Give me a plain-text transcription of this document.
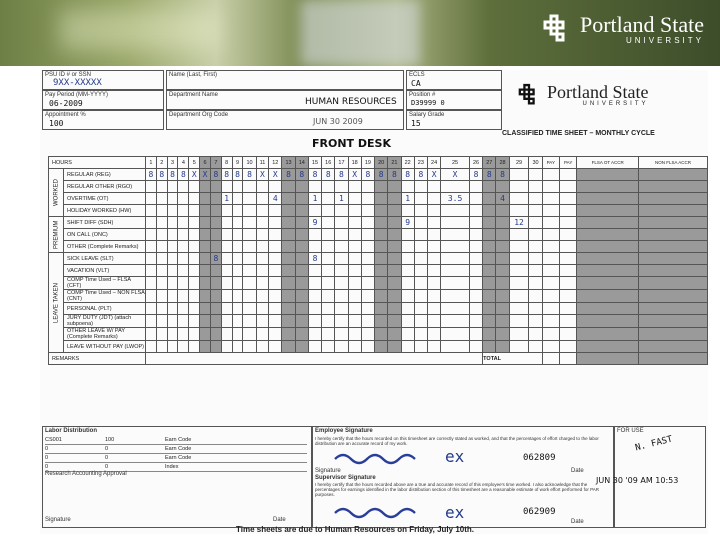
Portland State
UNIVERSITY
PSU ID # or SSN
9XX-XXXXX
Name (Last, First)
Pay Period (MM-YYYY)
06-2009
Department Name
HUMAN RESOURCES
Appointment %
100
Department Org Code
JUN 30 2009
FRONT DESK
ECLS
CA
Position #
D39999 0
Salary Grade
15
Portland State
UNIVERSITY
CLASSIFIED TIME SHEET – MONTHLY CYCLE
HOURS		1	2	3	4	5	6	7	8	9	10	11	12	13	14	15	16	17	18	19	20	21	22	23	24	25	26	27	28	29	30	PAY	PAY	FLSA OT ACCR	NON FLSA ACCR
WORKED	REGULAR (REG)	8	8	8	8	X	X	8	8	8	8	X	X	8	8	8	8	8	X	8	8	8	8	8	X	X	8	8	8						
	REGULAR OTHER (RGO)																																		
	OVERTIME (OT)								1				4			1		1					1			3.5			4						
	HOLIDAY WORKED (HW)																																		
PREMIUM	SHIFT DIFF (SDH)															9							9							12					
	ON CALL (ONC)																																		
	OTHER (Complete Remarks)																																		
LEAVE TAKEN	SICK LEAVE (SLT)							8								8																			
	VACATION (VLT)																																		
	COMP Time Used – FLSA (CFT)																																		
	COMP Time Used – NON FLSA (CNT)																																		
	PERSONAL (PLT)																																		
	JURY DUTY (JDT) (attach subpoena)																																		
	OTHER LEAVE W/ PAY (Complete Remarks)																																		
	LEAVE WITHOUT PAY (LWOP)																																		
REMARKS																												TOTAL							
Labor Distribution
CS001	100	Earn Code
0	0	Earn Code
0	0	Earn Code
0	0	Index
Research Accounting Approval
Signature	Date
Employee Signature
I hereby certify that the hours recorded on this timesheet are correctly stated as worked, and that the percentages of effort charged to the labor distribution are an accurate record of my work.
ex	062809
Signature	Date
Supervisor Signature
I hereby certify that the hours recorded above are a true and accurate record of this employee's time worked. I also acknowledge that the percentages for earnings identified in the labor distribution section of this timesheet are a reasonable estimate of work effort performed for PAR purposes.
ex	062909
Date
FOR USE
N. FAST
JUN 30 '09 AM 10:53
Time sheets are due to Human Resources on Friday, July 10th.
